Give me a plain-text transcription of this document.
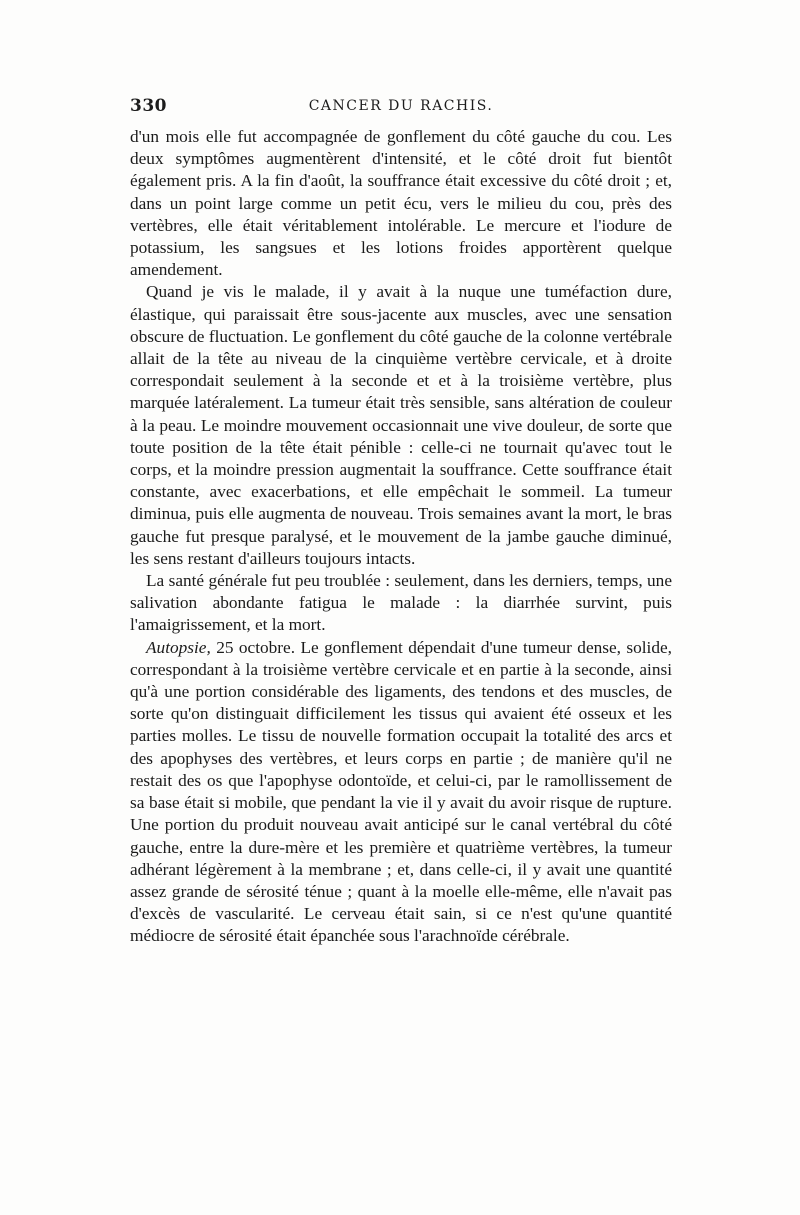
330	CANCER DU RACHIS.

d'un mois elle fut accompagnée de gonflement du côté gauche du cou. Les deux symptômes augmentèrent d'intensité, et le côté droit fut bientôt également pris. A la fin d'août, la souffrance était excessive du côté droit ; et, dans un point large comme un petit écu, vers le milieu du cou, près des vertèbres, elle était véritablement intolérable. Le mercure et l'iodure de potassium, les sangsues et les lotions froides apportèrent quelque amendement.

Quand je vis le malade, il y avait à la nuque une tuméfaction dure, élastique, qui paraissait être sous-jacente aux muscles, avec une sensation obscure de fluctuation. Le gonflement du côté gauche de la colonne vertébrale allait de la tête au niveau de la cinquième vertèbre cervicale, et à droite correspondait seulement à la seconde et et à la troisième vertèbre, plus marquée latéralement. La tumeur était très sensible, sans altération de couleur à la peau. Le moindre mouvement occasionnait une vive douleur, de sorte que toute position de la tête était pénible : celle-ci ne tournait qu'avec tout le corps, et la moindre pression augmentait la souffrance. Cette souffrance était constante, avec exacerbations, et elle empêchait le sommeil. La tumeur diminua, puis elle augmenta de nouveau. Trois semaines avant la mort, le bras gauche fut presque paralysé, et le mouvement de la jambe gauche diminué, les sens restant d'ailleurs toujours intacts.

La santé générale fut peu troublée : seulement, dans les derniers, temps, une salivation abondante fatigua le malade : la diarrhée survint, puis l'amaigrissement, et la mort.

Autopsie, 25 octobre. Le gonflement dépendait d'une tumeur dense, solide, correspondant à la troisième vertèbre cervicale et en partie à la seconde, ainsi qu'à une portion considérable des ligaments, des tendons et des muscles, de sorte qu'on distinguait difficilement les tissus qui avaient été osseux et les parties molles. Le tissu de nouvelle formation occupait la totalité des arcs et des apophyses des vertèbres, et leurs corps en partie ; de manière qu'il ne restait des os que l'apophyse odontoïde, et celui-ci, par le ramollissement de sa base était si mobile, que pendant la vie il y avait du avoir risque de rupture. Une portion du produit nouveau avait anticipé sur le canal vertébral du côté gauche, entre la dure-mère et les première et quatrième vertèbres, la tumeur adhérant légèrement à la membrane ; et, dans celle-ci, il y avait une quantité assez grande de sérosité ténue ; quant à la moelle elle-même, elle n'avait pas d'excès de vascularité. Le cerveau était sain, si ce n'est qu'une quantité médiocre de sérosité était épanchée sous l'arachnoïde cérébrale.
